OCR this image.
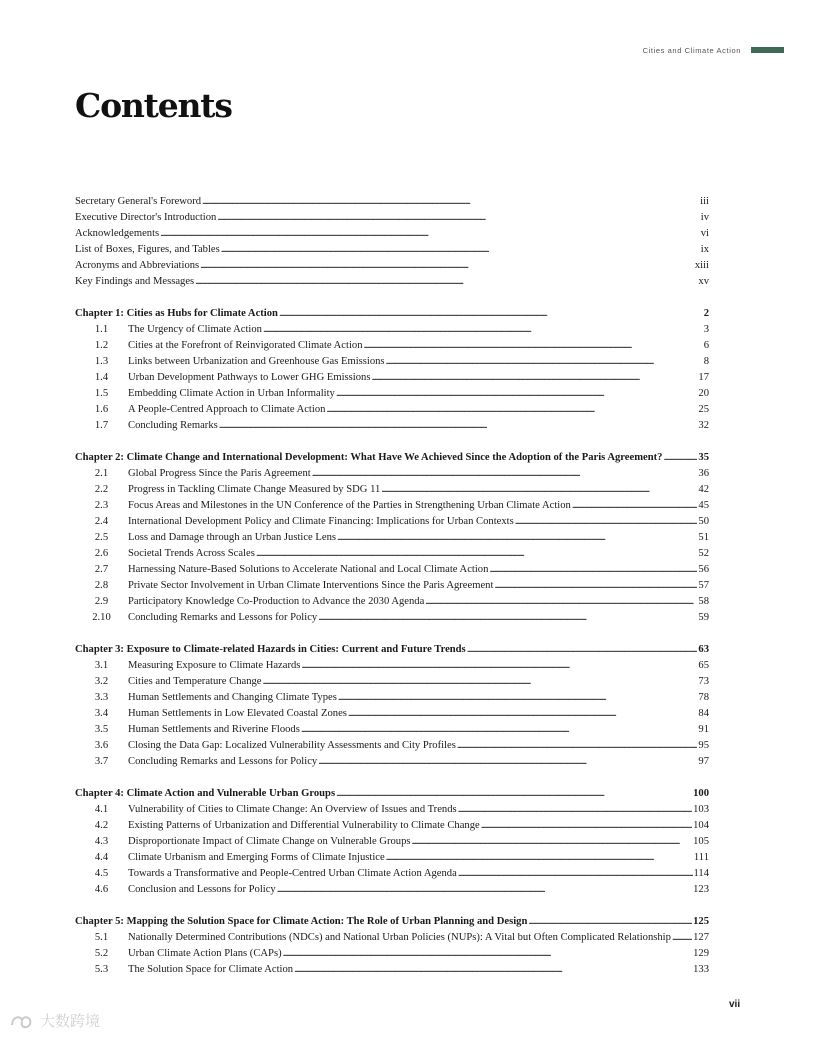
Cities and Climate Action
Contents
Secretary General's Foreword . . .	iii
Executive Director's Introduction . . .	iv
Acknowledgements . . .	vi
List of Boxes, Figures, and Tables . . .	ix
Acronyms and Abbreviations . . .	xiii
Key Findings and Messages . . .	xv
Chapter 1: Cities as Hubs for Climate Action . . .	2
1.1	The Urgency of Climate Action . . .	3
1.2	Cities at the Forefront of Reinvigorated Climate Action . . .	6
1.3	Links between Urbanization and Greenhouse Gas Emissions . . .	8
1.4	Urban Development Pathways to Lower GHG Emissions . . .	17
1.5	Embedding Climate Action in Urban Informality . . .	20
1.6	A People-Centred Approach to Climate Action . . .	25
1.7	Concluding Remarks . . .	32
Chapter 2: Climate Change and International Development: What Have We Achieved Since the Adoption of the Paris Agreement? . . .	35
2.1	Global Progress Since the Paris Agreement . . .	36
2.2	Progress in Tackling Climate Change Measured by SDG 11 . . .	42
2.3	Focus Areas and Milestones in the UN Conference of the Parties in Strengthening Urban Climate Action . . .	45
2.4	International Development Policy and Climate Financing: Implications for Urban Contexts . . .	50
2.5	Loss and Damage through an Urban Justice Lens . . .	51
2.6	Societal Trends Across Scales . . .	52
2.7	Harnessing Nature-Based Solutions to Accelerate National and Local Climate Action . . .	56
2.8	Private Sector Involvement in Urban Climate Interventions Since the Paris Agreement . . .	57
2.9	Participatory Knowledge Co-Production to Advance the 2030 Agenda . . .	58
2.10	Concluding Remarks and Lessons for Policy . . .	59
Chapter 3: Exposure to Climate-related Hazards in Cities: Current and Future Trends . . .	63
3.1	Measuring Exposure to Climate Hazards . . .	65
3.2	Cities and Temperature Change . . .	73
3.3	Human Settlements and Changing Climate Types . . .	78
3.4	Human Settlements in Low Elevated Coastal Zones . . .	84
3.5	Human Settlements and Riverine Floods . . .	91
3.6	Closing the Data Gap: Localized Vulnerability Assessments and City Profiles . . .	95
3.7	Concluding Remarks and Lessons for Policy . . .	97
Chapter 4: Climate Action and Vulnerable Urban Groups . . .	100
4.1	Vulnerability of Cities to Climate Change: An Overview of Issues and Trends . . .	103
4.2	Existing Patterns of Urbanization and Differential Vulnerability to Climate Change . . .	104
4.3	Disproportionate Impact of Climate Change on Vulnerable Groups . . .	105
4.4	Climate Urbanism and Emerging Forms of Climate Injustice . . .	111
4.5	Towards a Transformative and People-Centred Urban Climate Action Agenda . . .	114
4.6	Conclusion and Lessons for Policy . . .	123
Chapter 5: Mapping the Solution Space for Climate Action: The Role of Urban Planning and Design . . .	125
5.1	Nationally Determined Contributions (NDCs) and National Urban Policies (NUPs): A Vital but Often Complicated Relationship . . . 127
5.2	Urban Climate Action Plans (CAPs) . . .	129
5.3	The Solution Space for Climate Action . . .	133
vii
大数跨境
